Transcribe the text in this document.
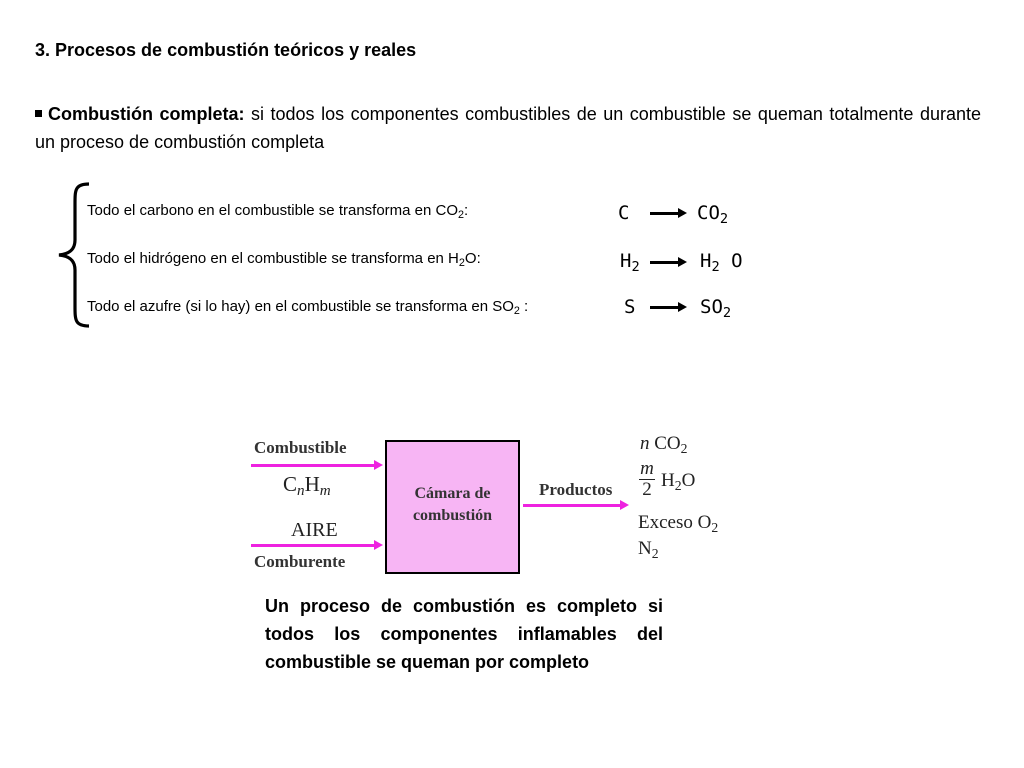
3. Procesos de combustión teóricos y reales
Combustión completa: si todos los componentes combustibles de un combustible se queman totalmente durante un proceso de combustión completa
Todo el carbono en el combustible se transforma en $CO_2$:	$C \to CO_2$
Todo el hidrógeno en el combustible se transforma en $H_2O$:	$H_2 \to H_2$ O
Todo el azufre (si lo hay) en el combustible se transforma en $SO_2$ :	$S \to SO_2$
Combustible
$C_nH_m$
AIRE
Comburente
Cámara de
combustión
Productos
n $CO_2$
m
2 $H_2O$
Exceso $O_2$
$N_2$
Un proceso de combustión es completo si todos los componentes inflamables del combustible se queman por completo
